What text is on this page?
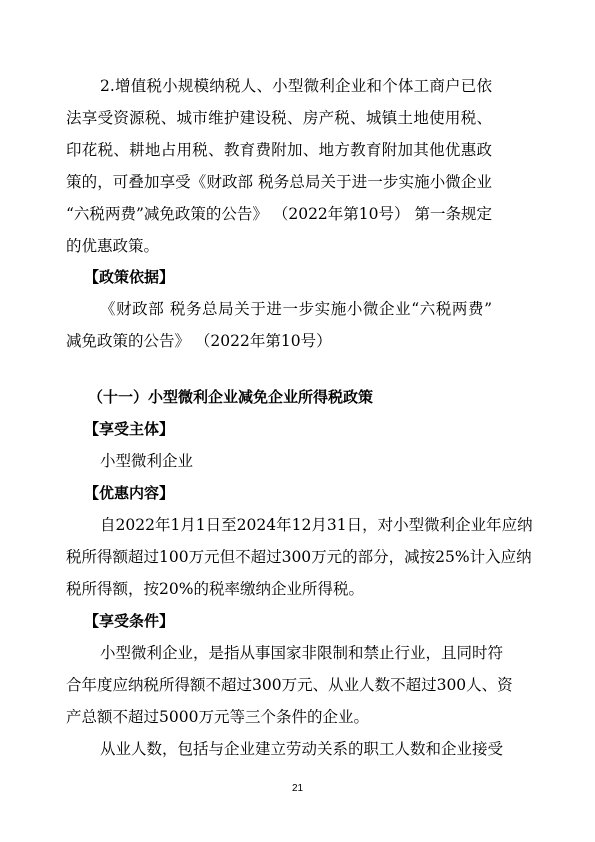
2.增值税小规模纳税人、小型微利企业和个体工商户已依
法享受资源税、城市维护建设税、房产税、城镇土地使用税、
印花税、耕地占用税、教育费附加、地方教育附加其他优惠政
策的，可叠加享受《财政部 税务总局关于进一步实施小微企业
“六税两费”减免政策的公告》 （2022年第10号） 第一条规定
的优惠政策。
【政策依据】
《财政部 税务总局关于进一步实施小微企业“六税两费”
减免政策的公告》 （2022年第10号）
（十一）小型微利企业减免企业所得税政策
【享受主体】
小型微利企业
【优惠内容】
自2022年1月1日至2024年12月31日，对小型微利企业年应纳
税所得额超过100万元但不超过300万元的部分，减按25%计入应纳
税所得额，按20%的税率缴纳企业所得税。
【享受条件】
小型微利企业，是指从事国家非限制和禁止行业，且同时符
合年度应纳税所得额不超过300万元、从业人数不超过300人、资
产总额不超过5000万元等三个条件的企业。
从业人数，包括与企业建立劳动关系的职工人数和企业接受
21
